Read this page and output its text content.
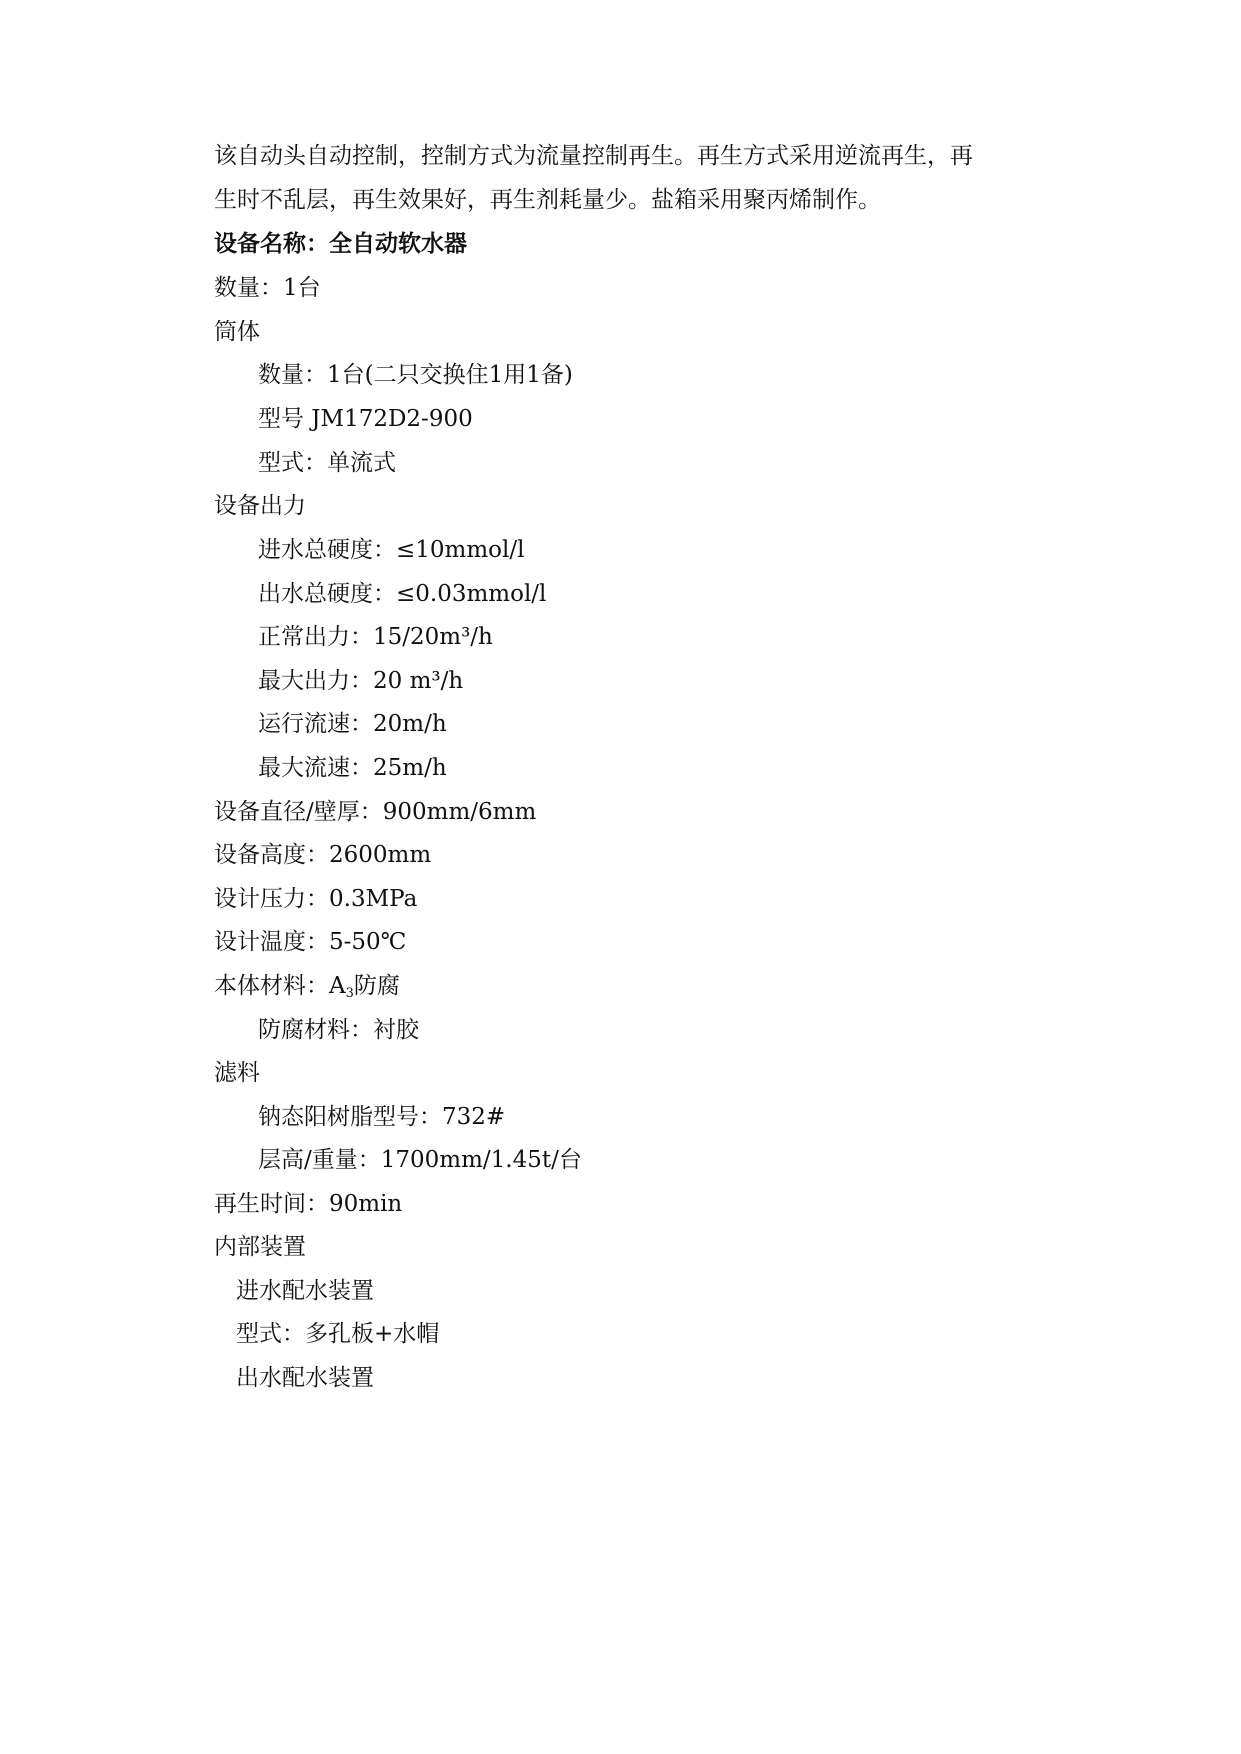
该自动头自动控制，控制方式为流量控制再生。再生方式采用逆流再生，再
生时不乱层，再生效果好，再生剂耗量少。盐箱采用聚丙烯制作。
设备名称：全自动软水器
数量：1台
筒体
数量：1台(二只交换住1用1备)
型号 JM172D2-900
型式：单流式
设备出力
进水总硬度：≤10mmol/l
出水总硬度：≤0.03mmol/l
正常出力：15/20m³/h
最大出力：20 m³/h
运行流速：20m/h
最大流速：25m/h
设备直径/壁厚：900mm/6mm
设备高度：2600mm
设计压力：0.3MPa
设计温度：5-50℃
本体材料：$A_3$防腐
防腐材料：衬胶
滤料
钠态阳树脂型号：732#
层高/重量：1700mm/1.45t/台
再生时间：90min
内部装置
进水配水装置
型式：多孔板+水帽
出水配水装置
